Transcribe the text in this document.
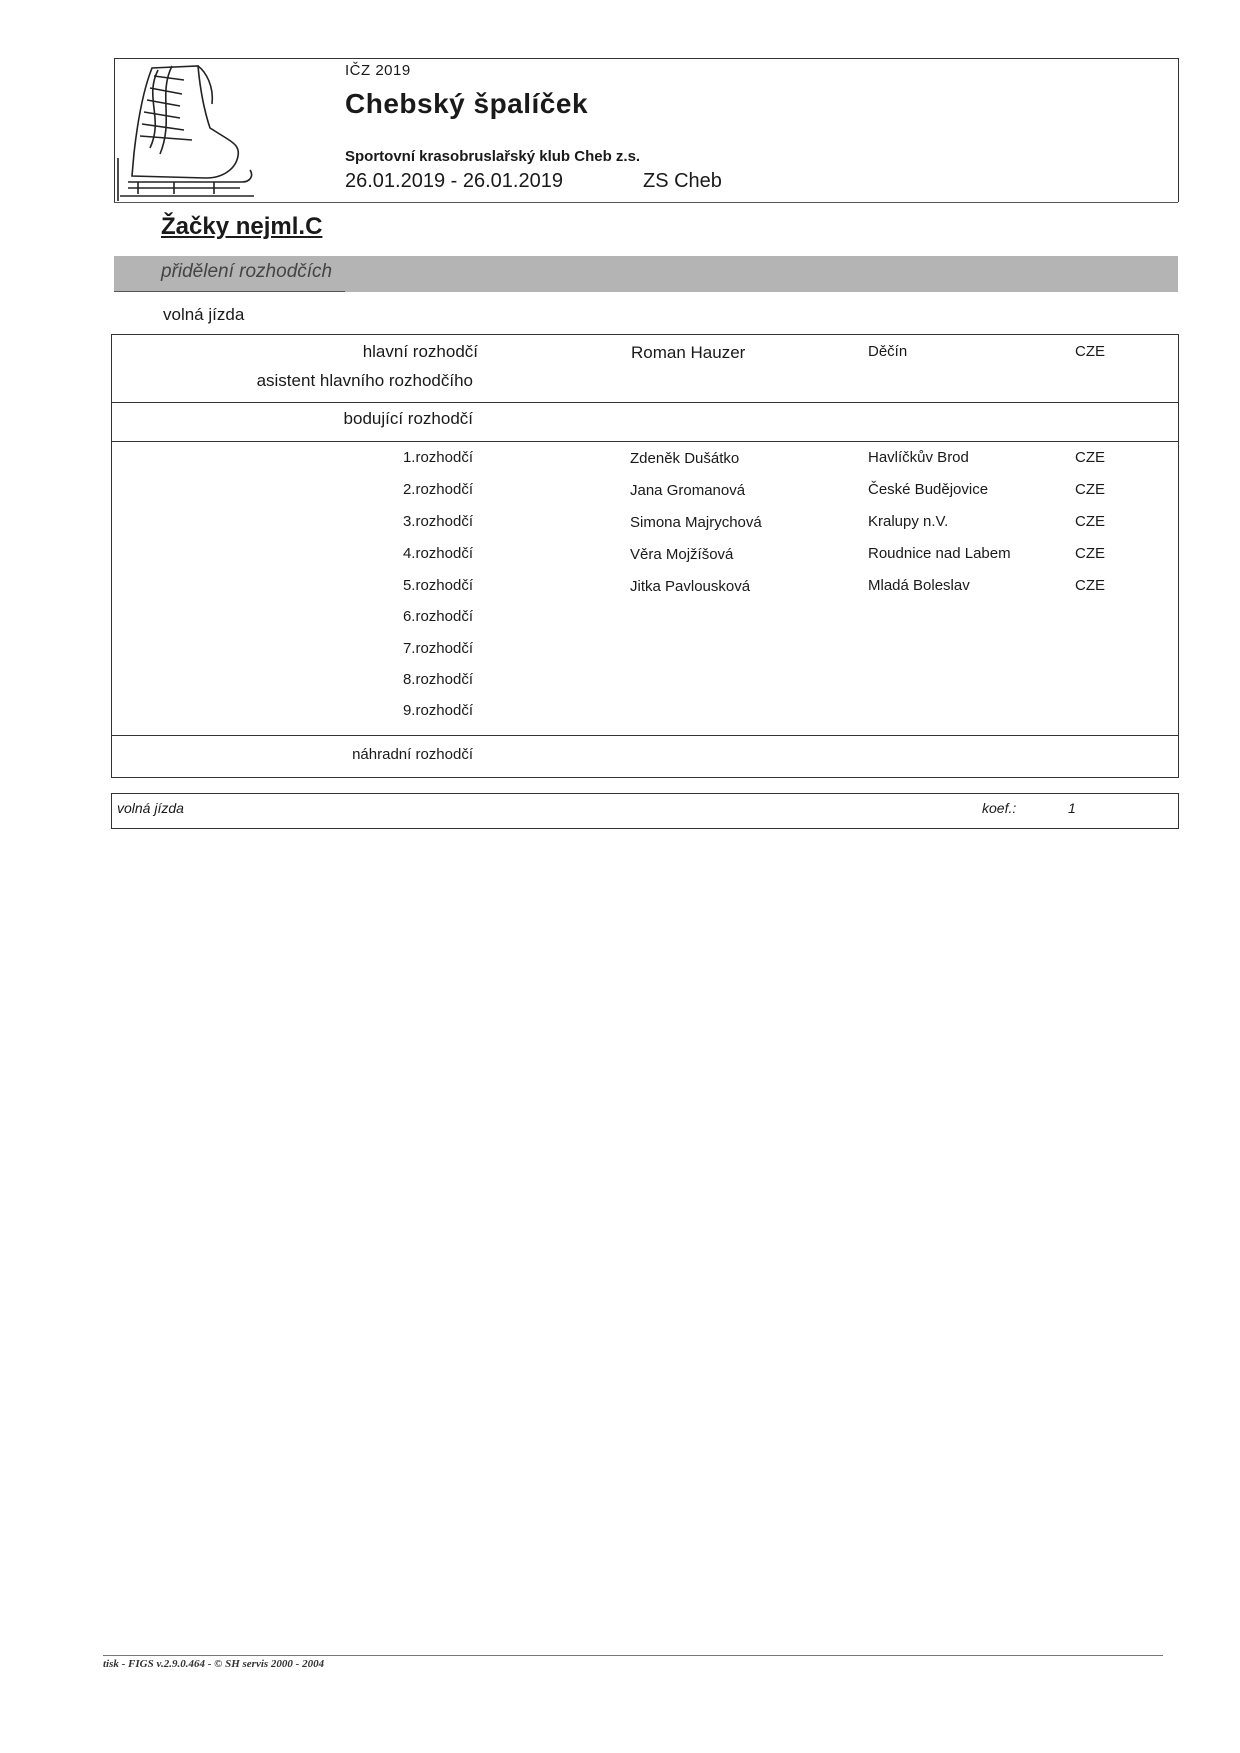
IČZ 2019
Chebský špalíček
Sportovní krasobruslařský klub Cheb z.s.
26.01.2019 - 26.01.2019	ZS Cheb
Žačky nejml.C
přidělení rozhodčích
volná jízda
hlavní rozhodčí	Roman Hauzer	Děčín	CZE
asistent hlavního rozhodčího
bodující rozhodčí
1.rozhodčí	Zdeněk Dušátko	Havlíčkův Brod	CZE
2.rozhodčí	Jana Gromanová	České Budějovice	CZE
3.rozhodčí	Simona Majrychová	Kralupy n.V.	CZE
4.rozhodčí	Věra Mojžíšová	Roudnice nad Labem	CZE
5.rozhodčí	Jitka Pavlousková	Mladá Boleslav	CZE
6.rozhodčí
7.rozhodčí
8.rozhodčí
9.rozhodčí
náhradní rozhodčí
volná jízda	koef.:	1
tisk - FIGS v.2.9.0.464 - © SH servis 2000 - 2004
